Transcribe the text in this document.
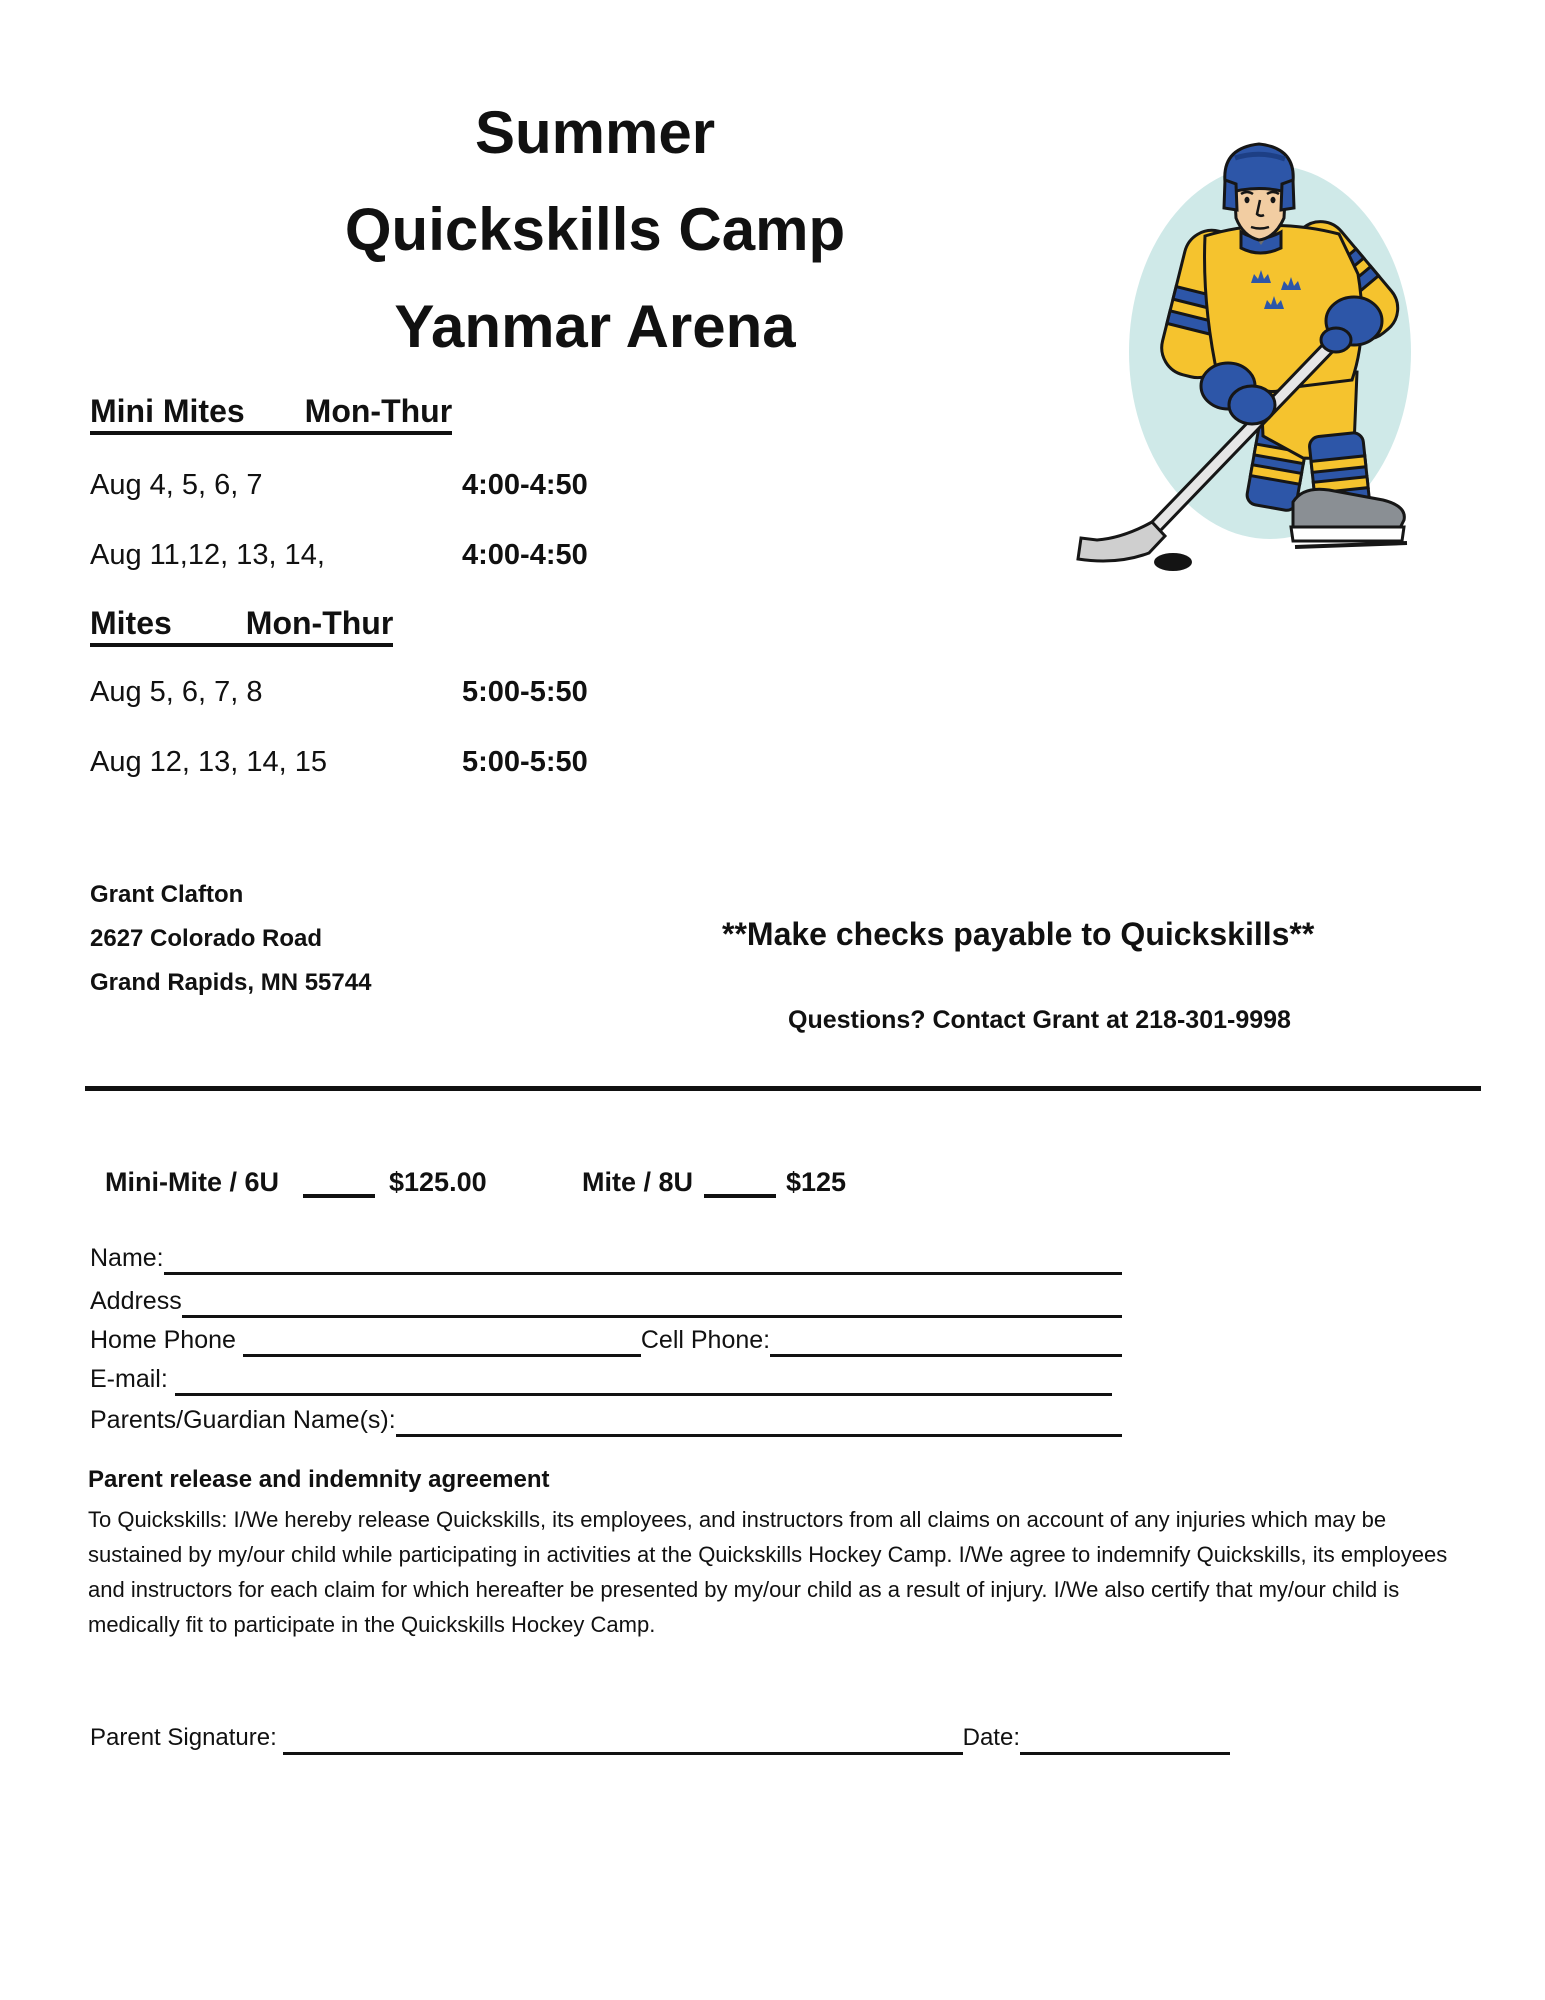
Summer
Quickskills Camp
Yanmar Arena
Mini Mites Mon-Thur
Aug 4, 5, 6, 7	4:00-4:50
Aug 11,12, 13, 14,	4:00-4:50
Mites Mon-Thur
Aug 5, 6, 7, 8	5:00-5:50
Aug 12, 13, 14, 15	5:00-5:50
Grant Clafton
2627 Colorado Road
Grand Rapids, MN 55744
**Make checks payable to Quickskills**
Questions? Contact Grant at 218-301-9998
Mini-Mite / 6U	$125.00	Mite / 8U	$125
Name:
Address
Home Phone	Cell Phone:
E-mail:
Parents/Guardian Name(s):
Parent release and indemnity agreement
To Quickskills: I/We hereby release Quickskills, its employees, and instructors from all claims on account of any injuries which may be sustained by my/our child while participating in activities at the Quickskills Hockey Camp. I/We agree to indemnify Quickskills, its employees and instructors for each claim for which hereafter be presented by my/our child as a result of injury. I/We also certify that my/our child is medically fit to participate in the Quickskills Hockey Camp.
Parent Signature:	Date:
